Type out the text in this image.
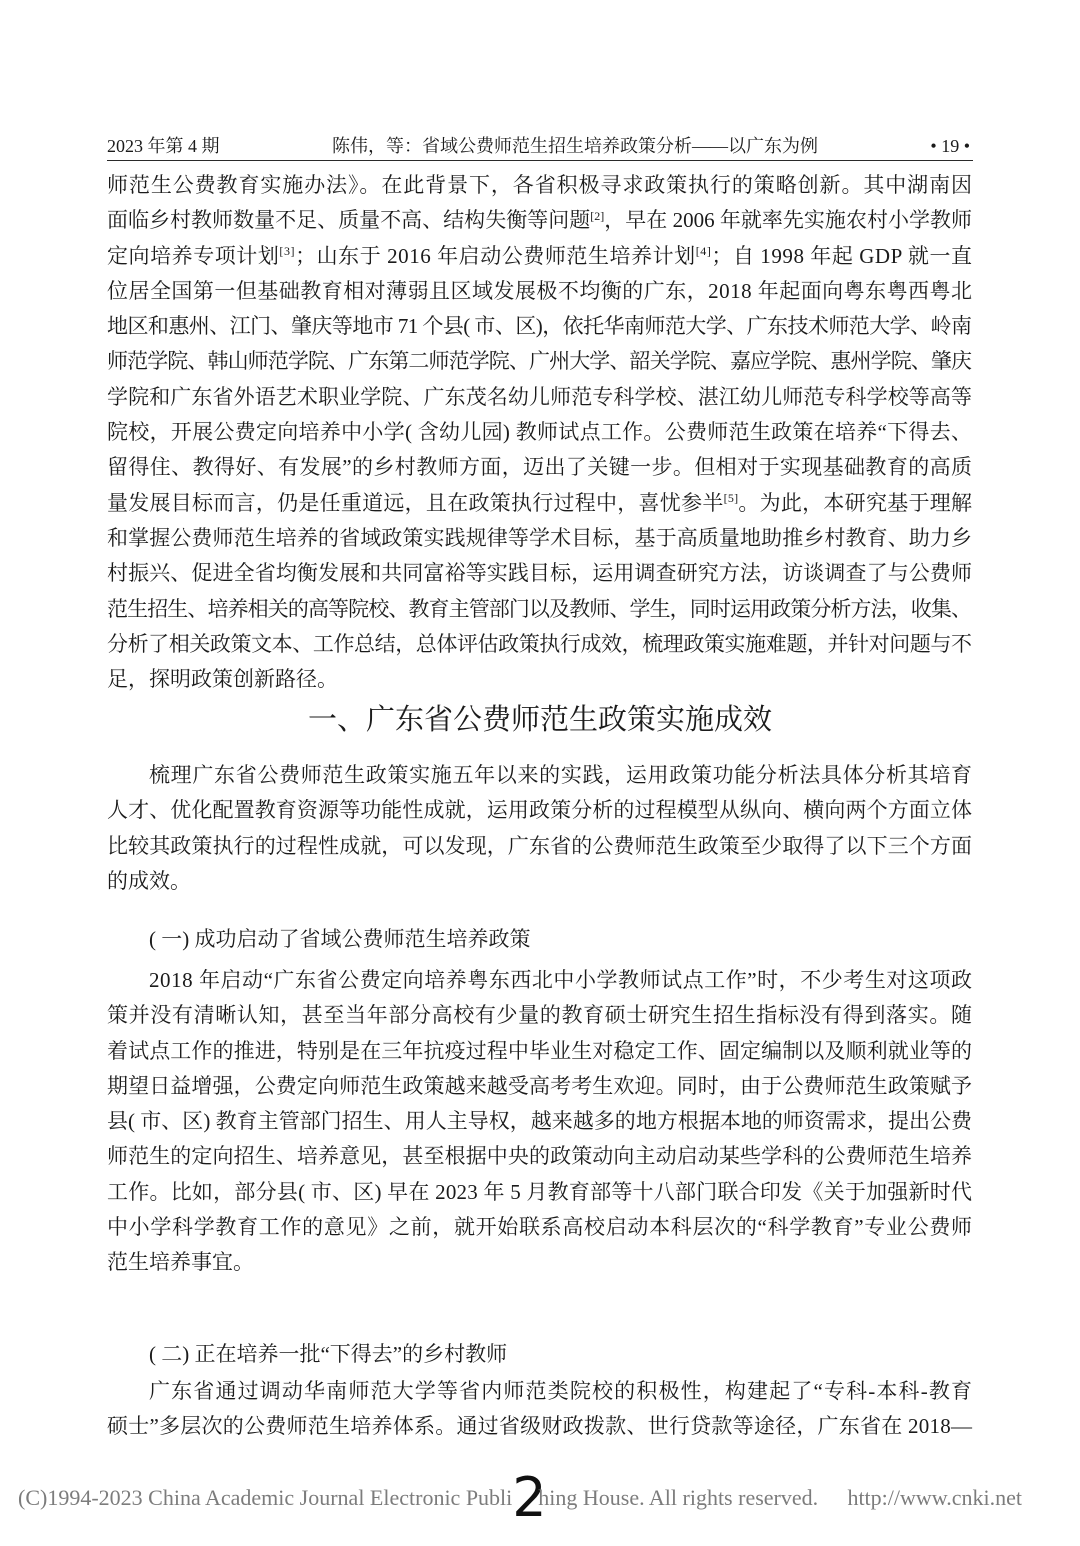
2023 年第 4 期	陈伟，等：省域公费师范生招生培养政策分析——以广东为例	• 19 •
师范生公费教育实施办法》。在此背景下，各省积极寻求政策执行的策略创新。其中湖南因
面临乡村教师数量不足、质量不高、结构失衡等问题[2]，早在 2006 年就率先实施农村小学教师
定向培养专项计划[3]；山东于 2016 年启动公费师范生培养计划[4]；自 1998 年起 GDP 就一直
位居全国第一但基础教育相对薄弱且区域发展极不均衡的广东，2018 年起面向粤东粤西粤北
地区和惠州、江门、肇庆等地市 71 个县( 市、区)，依托华南师范大学、广东技术师范大学、岭南
师范学院、韩山师范学院、广东第二师范学院、广州大学、韶关学院、嘉应学院、惠州学院、肇庆
学院和广东省外语艺术职业学院、广东茂名幼儿师范专科学校、湛江幼儿师范专科学校等高等
院校，开展公费定向培养中小学( 含幼儿园) 教师试点工作。公费师范生政策在培养“下得去、
留得住、教得好、有发展”的乡村教师方面，迈出了关键一步。但相对于实现基础教育的高质
量发展目标而言，仍是任重道远，且在政策执行过程中，喜忧参半[5]。为此，本研究基于理解
和掌握公费师范生培养的省域政策实践规律等学术目标，基于高质量地助推乡村教育、助力乡
村振兴、促进全省均衡发展和共同富裕等实践目标，运用调查研究方法，访谈调查了与公费师
范生招生、培养相关的高等院校、教育主管部门以及教师、学生，同时运用政策分析方法，收集、
分析了相关政策文本、工作总结，总体评估政策执行成效，梳理政策实施难题，并针对问题与不
足，探明政策创新路径。
一、广东省公费师范生政策实施成效
梳理广东省公费师范生政策实施五年以来的实践，运用政策功能分析法具体分析其培育
人才、优化配置教育资源等功能性成就，运用政策分析的过程模型从纵向、横向两个方面立体
比较其政策执行的过程性成就，可以发现，广东省的公费师范生政策至少取得了以下三个方面
的成效。
( 一) 成功启动了省域公费师范生培养政策
2018 年启动“广东省公费定向培养粤东西北中小学教师试点工作”时，不少考生对这项政
策并没有清晰认知，甚至当年部分高校有少量的教育硕士研究生招生指标没有得到落实。随
着试点工作的推进，特别是在三年抗疫过程中毕业生对稳定工作、固定编制以及顺利就业等的
期望日益增强，公费定向师范生政策越来越受高考考生欢迎。同时，由于公费师范生政策赋予
县( 市、区) 教育主管部门招生、用人主导权，越来越多的地方根据本地的师资需求，提出公费
师范生的定向招生、培养意见，甚至根据中央的政策动向主动启动某些学科的公费师范生培养
工作。比如，部分县( 市、区) 早在 2023 年 5 月教育部等十八部门联合印发《关于加强新时代
中小学科学教育工作的意见》之前，就开始联系高校启动本科层次的“科学教育”专业公费师
范生培养事宜。
( 二) 正在培养一批“下得去”的乡村教师
广东省通过调动华南师范大学等省内师范类院校的积极性，构建起了“专科-本科-教育
硕士”多层次的公费师范生培养体系。通过省级财政拨款、世行贷款等途径，广东省在 2018—
(C)1994-2023 China Academic Journal Electronic Publi2hing House. All rights reserved. http://www.cnki.net
